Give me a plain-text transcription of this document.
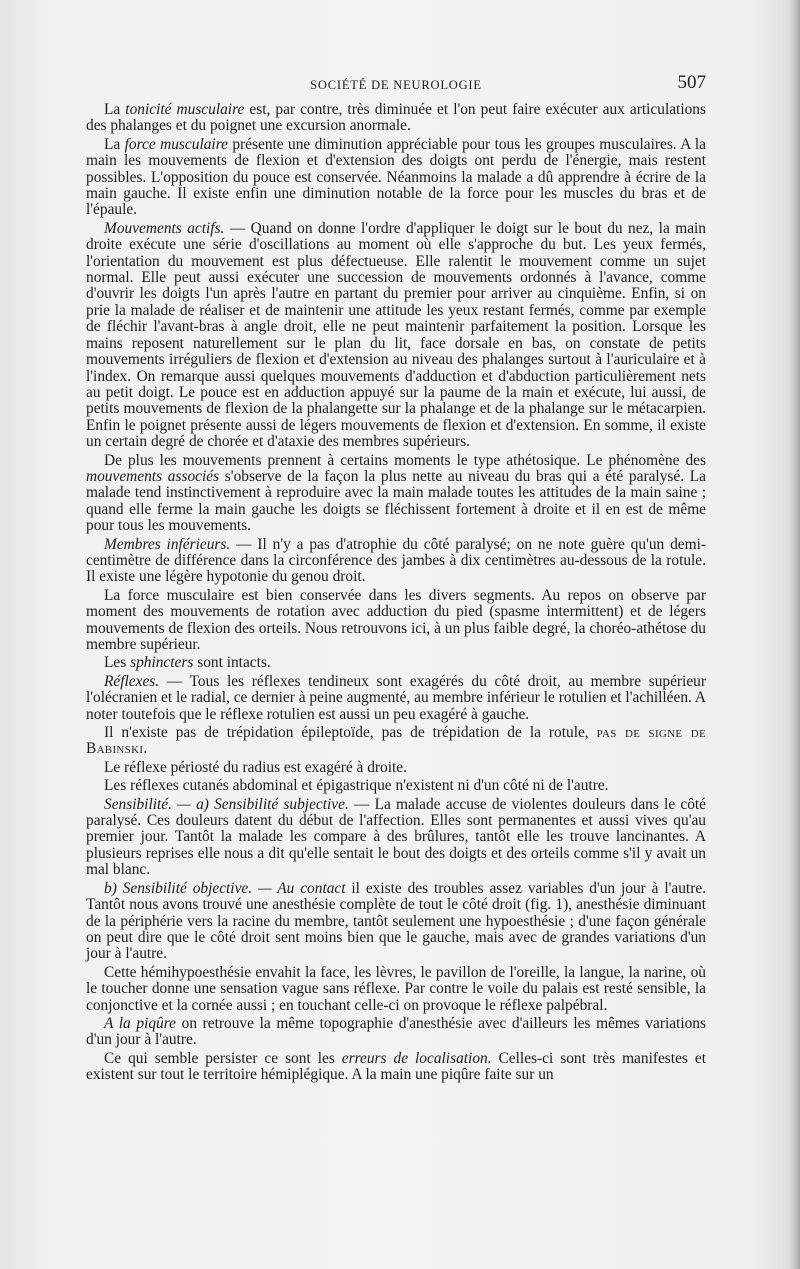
SOCIÉTÉ DE NEUROLOGIE	507

La tonicité musculaire est, par contre, très diminuée et l'on peut faire exécuter aux articulations des phalanges et du poignet une excursion anormale.

La force musculaire présente une diminution appréciable pour tous les groupes musculaires. A la main les mouvements de flexion et d'extension des doigts ont perdu de l'énergie, mais restent possibles. L'opposition du pouce est conservée. Néanmoins la malade a dû apprendre à écrire de la main gauche. Il existe enfin une diminution notable de la force pour les muscles du bras et de l'épaule.

Mouvements actifs. — Quand on donne l'ordre d'appliquer le doigt sur le bout du nez, la main droite exécute une série d'oscillations au moment où elle s'approche du but. Les yeux fermés, l'orientation du mouvement est plus défectueuse. Elle ralentit le mouvement comme un sujet normal. Elle peut aussi exécuter une succession de mouvements ordonnés à l'avance, comme d'ouvrir les doigts l'un après l'autre en partant du premier pour arriver au cinquième. Enfin, si on prie la malade de réaliser et de maintenir une attitude les yeux restant fermés, comme par exemple de fléchir l'avant-bras à angle droit, elle ne peut maintenir parfaitement la position. Lorsque les mains reposent naturellement sur le plan du lit, face dorsale en bas, on constate de petits mouvements irréguliers de flexion et d'extension au niveau des phalanges surtout à l'auriculaire et à l'index. On remarque aussi quelques mouvements d'adduction et d'abduction particulièrement nets au petit doigt. Le pouce est en adduction appuyé sur la paume de la main et exécute, lui aussi, de petits mouvements de flexion de la phalangette sur la phalange et de la phalange sur le métacarpien. Enfin le poignet présente aussi de légers mouvements de flexion et d'extension. En somme, il existe un certain degré de chorée et d'ataxie des membres supérieurs.

De plus les mouvements prennent à certains moments le type athétosique. Le phénomène des mouvements associés s'observe de la façon la plus nette au niveau du bras qui a été paralysé. La malade tend instinctivement à reproduire avec la main malade toutes les attitudes de la main saine ; quand elle ferme la main gauche les doigts se fléchissent fortement à droite et il en est de même pour tous les mouvements.

Membres inférieurs. — Il n'y a pas d'atrophie du côté paralysé; on ne note guère qu'un demi-centimètre de différence dans la circonférence des jambes à dix centimètres au-dessous de la rotule. Il existe une légère hypotonie du genou droit.

La force musculaire est bien conservée dans les divers segments. Au repos on observe par moment des mouvements de rotation avec adduction du pied (spasme intermittent) et de légers mouvements de flexion des orteils. Nous retrouvons ici, à un plus faible degré, la choréo-athétose du membre supérieur.

Les sphincters sont intacts.

Réflexes. — Tous les réflexes tendineux sont exagérés du côté droit, au membre supérieur l'olécranien et le radial, ce dernier à peine augmenté, au membre inférieur le rotulien et l'achilléen. A noter toutefois que le réflexe rotulien est aussi un peu exagéré à gauche.

Il n'existe pas de trépidation épileptoïde, pas de trépidation de la rotule, pas de signe de Babinski.

Le réflexe périosté du radius est exagéré à droite.

Les réflexes cutanés abdominal et épigastrique n'existent ni d'un côté ni de l'autre.

Sensibilité. — a) Sensibilité subjective. — La malade accuse de violentes douleurs dans le côté paralysé. Ces douleurs datent du début de l'affection. Elles sont permanentes et aussi vives qu'au premier jour. Tantôt la malade les compare à des brûlures, tantôt elle les trouve lancinantes. A plusieurs reprises elle nous a dit qu'elle sentait le bout des doigts et des orteils comme s'il y avait un mal blanc.

b) Sensibilité objective. — Au contact il existe des troubles assez variables d'un jour à l'autre. Tantôt nous avons trouvé une anesthésie complète de tout le côté droit (fig. 1), anesthésie diminuant de la périphérie vers la racine du membre, tantôt seulement une hypoesthésie ; d'une façon générale on peut dire que le côté droit sent moins bien que le gauche, mais avec de grandes variations d'un jour à l'autre.

Cette hémihypoesthésie envahit la face, les lèvres, le pavillon de l'oreille, la langue, la narine, où le toucher donne une sensation vague sans réflexe. Par contre le voile du palais est resté sensible, la conjonctive et la cornée aussi ; en touchant celle-ci on provoque le réflexe palpébral.

A la piqûre on retrouve la même topographie d'anesthésie avec d'ailleurs les mêmes variations d'un jour à l'autre.

Ce qui semble persister ce sont les erreurs de localisation. Celles-ci sont très manifestes et existent sur tout le territoire hémiplégique. A la main une piqûre faite sur un
